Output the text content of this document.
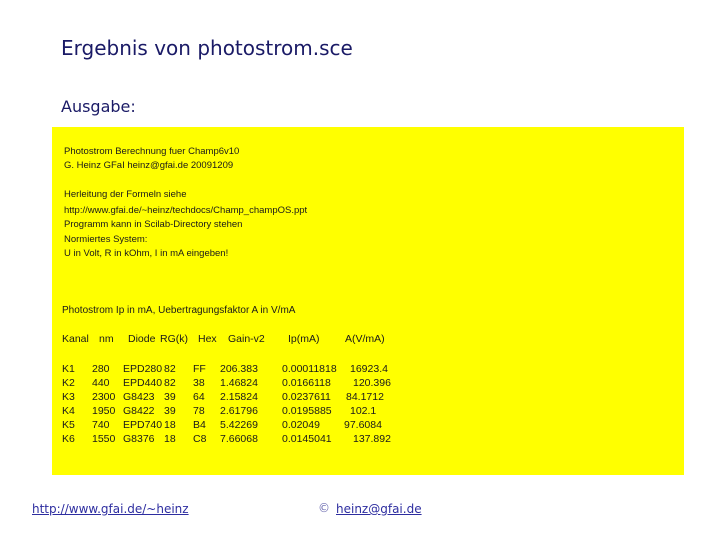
Ergebnis von photostrom.sce
Ausgabe:
Photostrom Berechnung fuer Champ6v10
G. Heinz GFaI heinz@gfai.de 20091209
Herleitung der Formeln siehe
http://www.gfai.de/~heinz/techdocs/Champ_champOS.ppt
Programm kann in Scilab-Directory stehen
Normiertes System:
U in Volt, R in kOhm, I in mA eingeben!
Photostrom Ip in mA, Uebertragungsfaktor A in V/mA
Kanal nm Diode RG(k) Hex Gain-v2 Ip(mA) A(V/mA)
K1 280 EPD280 82 FF 206.383 0.00011818 16923.4
K2 440 EPD440 82 38 1.46824 0.0166118 120.396
K3 2300 G8423 39 64 2.15824 0.0237611 84.1712
K4 1950 G8422 39 78 2.61796 0.0195885 102.1
K5 740 EPD740 18 B4 5.42269 0.02049 97.6084
K6 1550 G8376 18 C8 7.66068 0.0145041 137.892
http://www.gfai.de/~heinz	© heinz@gfai.de
